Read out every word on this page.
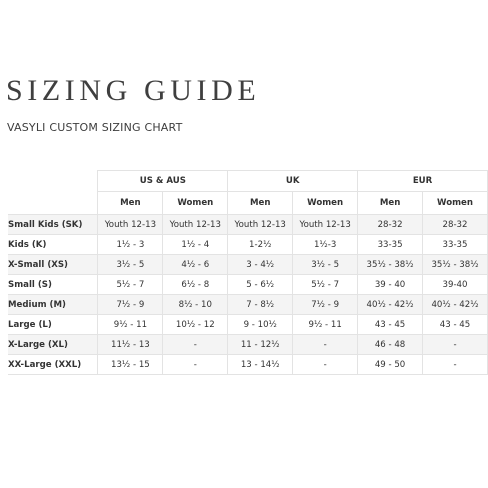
SIZING GUIDE
VASYLI CUSTOM SIZING CHART
	US & AUS		UK		EUR	
	Men	Women	Men	Women	Men	Women
Small Kids (SK)	Youth 12-13	Youth 12-13	Youth 12-13	Youth 12-13	28-32	28-32
Kids (K)	1½ - 3	1½ - 4	1-2½	1½-3	33-35	33-35
X-Small (XS)	3½ - 5	4½ - 6	3 - 4½	3½ - 5	35½ - 38½	35½ - 38½
Small (S)	5½ - 7	6½ - 8	5 - 6½	5½ - 7	39 - 40	39-40
Medium (M)	7½ - 9	8½ - 10	7 - 8½	7½ - 9	40½ - 42½	40½ - 42½
Large (L)	9½ - 11	10½ - 12	9 - 10½	9½ - 11	43 - 45	43 - 45
X-Large (XL)	11½ - 13	-	11 - 12½	-	46 - 48	-
XX-Large (XXL)	13½ - 15	-	13 - 14½	-	49 - 50	-
